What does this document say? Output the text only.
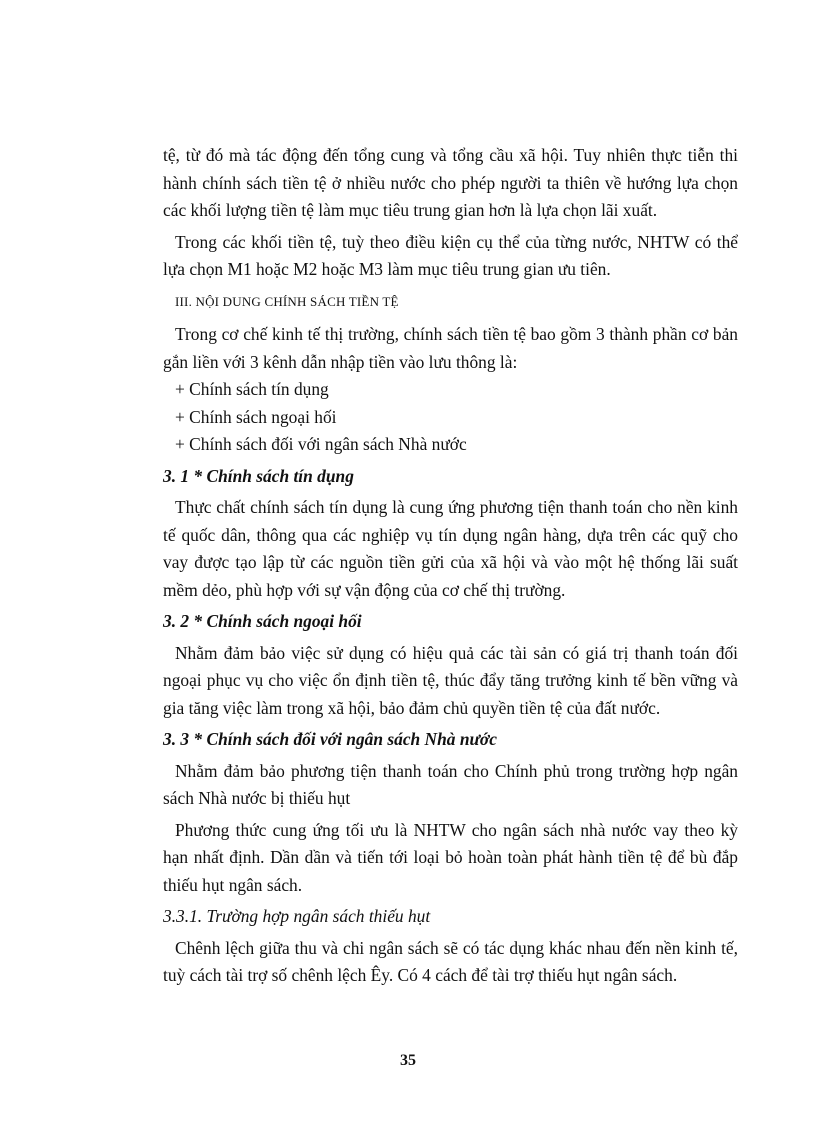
tệ, từ đó mà tác động đến tổng cung và tổng cầu xã hội. Tuy nhiên thực tiễn thi hành chính sách tiền tệ ở nhiều nước cho phép người ta thiên về hướng lựa chọn các khối lượng tiền tệ làm mục tiêu trung gian hơn là lựa chọn lãi xuất.

Trong các khối tiền tệ, tuỳ theo điều kiện cụ thể của từng nước, NHTW có thể lựa chọn M1 hoặc M2 hoặc M3 làm mục tiêu trung gian ưu tiên.

III. NỘI DUNG CHÍNH SÁCH TIỀN TỆ

Trong cơ chế kinh tế thị trường, chính sách tiền tệ bao gồm 3 thành phần cơ bản gắn liền với 3 kênh dẫn nhập tiền vào lưu thông là:

+ Chính sách tín dụng

+ Chính sách ngoại hối

+ Chính sách đối với ngân sách Nhà nước

3. 1 * Chính sách tín dụng

Thực chất chính sách tín dụng là cung ứng phương tiện thanh toán cho nền kinh tế quốc dân, thông qua các nghiệp vụ tín dụng ngân hàng, dựa trên các quỹ cho vay được tạo lập từ các nguồn tiền gửi của xã hội và vào một hệ thống lãi suất mềm dẻo, phù hợp với sự vận động của cơ chế thị trường.

3. 2 * Chính sách ngoại hối

Nhằm đảm bảo việc sử dụng có hiệu quả các tài sản có giá trị thanh toán đối ngoại phục vụ cho việc ổn định tiền tệ, thúc đẩy tăng trưởng kinh tế bền vững và gia tăng việc làm trong xã hội, bảo đảm chủ quyền tiền tệ của đất nước.

3. 3 * Chính sách đối với ngân sách Nhà nước

Nhằm đảm bảo phương tiện thanh toán cho Chính phủ trong trường hợp ngân sách Nhà nước bị thiếu hụt

Phương thức cung ứng tối ưu là NHTW cho ngân sách nhà nước vay theo kỳ hạn nhất định. Dần dần và tiến tới loại bỏ hoàn toàn phát hành tiền tệ để bù đắp thiếu hụt ngân sách.

3.3.1. Trường hợp ngân sách thiếu hụt

Chênh lệch giữa thu và chi ngân sách sẽ có tác dụng khác nhau đến nền kinh tế, tuỳ cách tài trợ số chênh lệch Êy. Có 4 cách để tài trợ thiếu hụt ngân sách.

35
